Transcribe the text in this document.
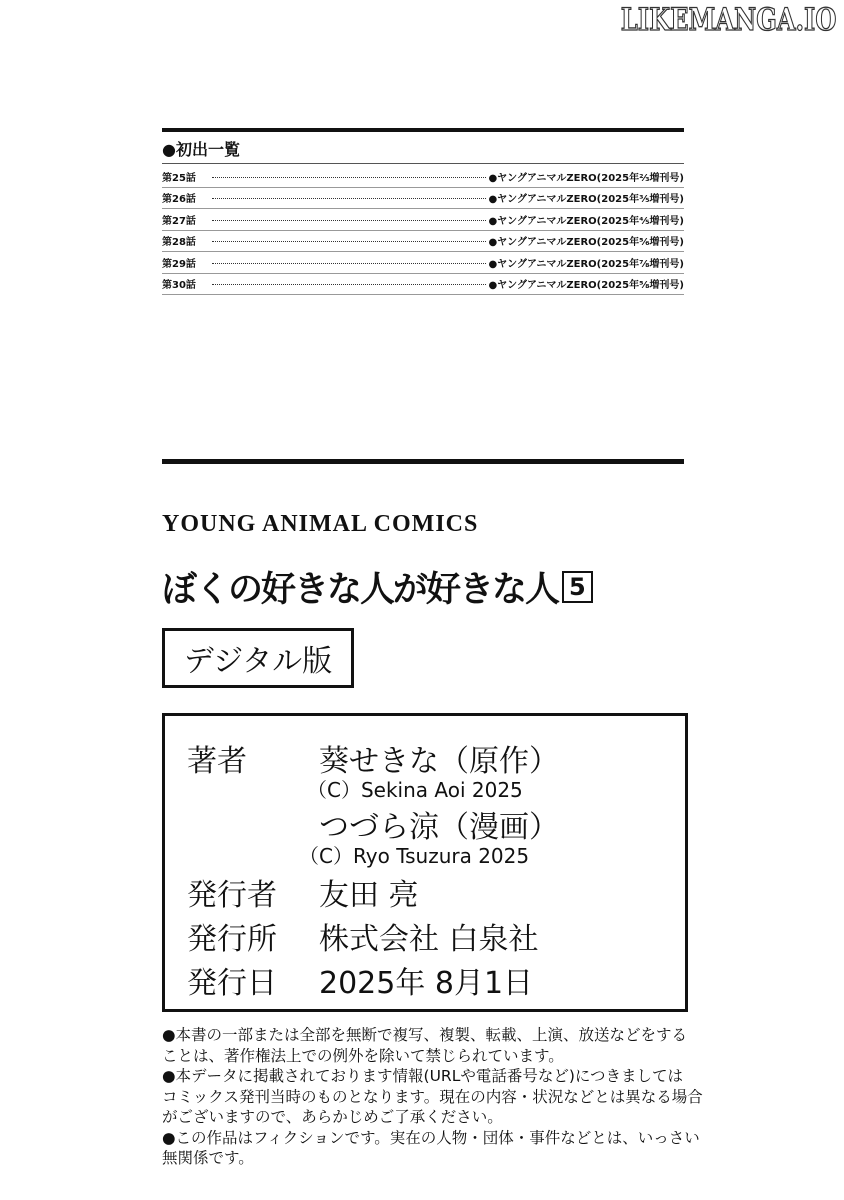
LIKEMANGA.IO
●初出一覧
第25話	●ヤングアニマルZERO(2025年⅔増刊号)
第26話	●ヤングアニマルZERO(2025年⅗増刊号)
第27話	●ヤングアニマルZERO(2025年⅘増刊号)
第28話	●ヤングアニマルZERO(2025年⅚増刊号)
第29話	●ヤングアニマルZERO(2025年⅞増刊号)
第30話	●ヤングアニマルZERO(2025年⅝増刊号)
YOUNG ANIMAL COMICS
ぼくの好きな人が好きな人 5
デジタル版
著者 葵せきな（原作）
（C）Sekina Aoi 2025
つづら涼（漫画）
（C）Ryo Tsuzura 2025
発行者 友田 亮
発行所 株式会社 白泉社
発行日 2025年 8月1日

●本書の一部または全部を無断で複写、複製、転載、上演、放送などをする

ことは、著作権法上での例外を除いて禁じられています。

●本データに掲載されております情報(URLや電話番号など)につきましては

コミックス発刊当時のものとなります。現在の内容・状況などとは異なる場合

がございますので、あらかじめご了承ください。

●この作品はフィクションです。実在の人物・団体・事件などとは、いっさい

無関係です。
